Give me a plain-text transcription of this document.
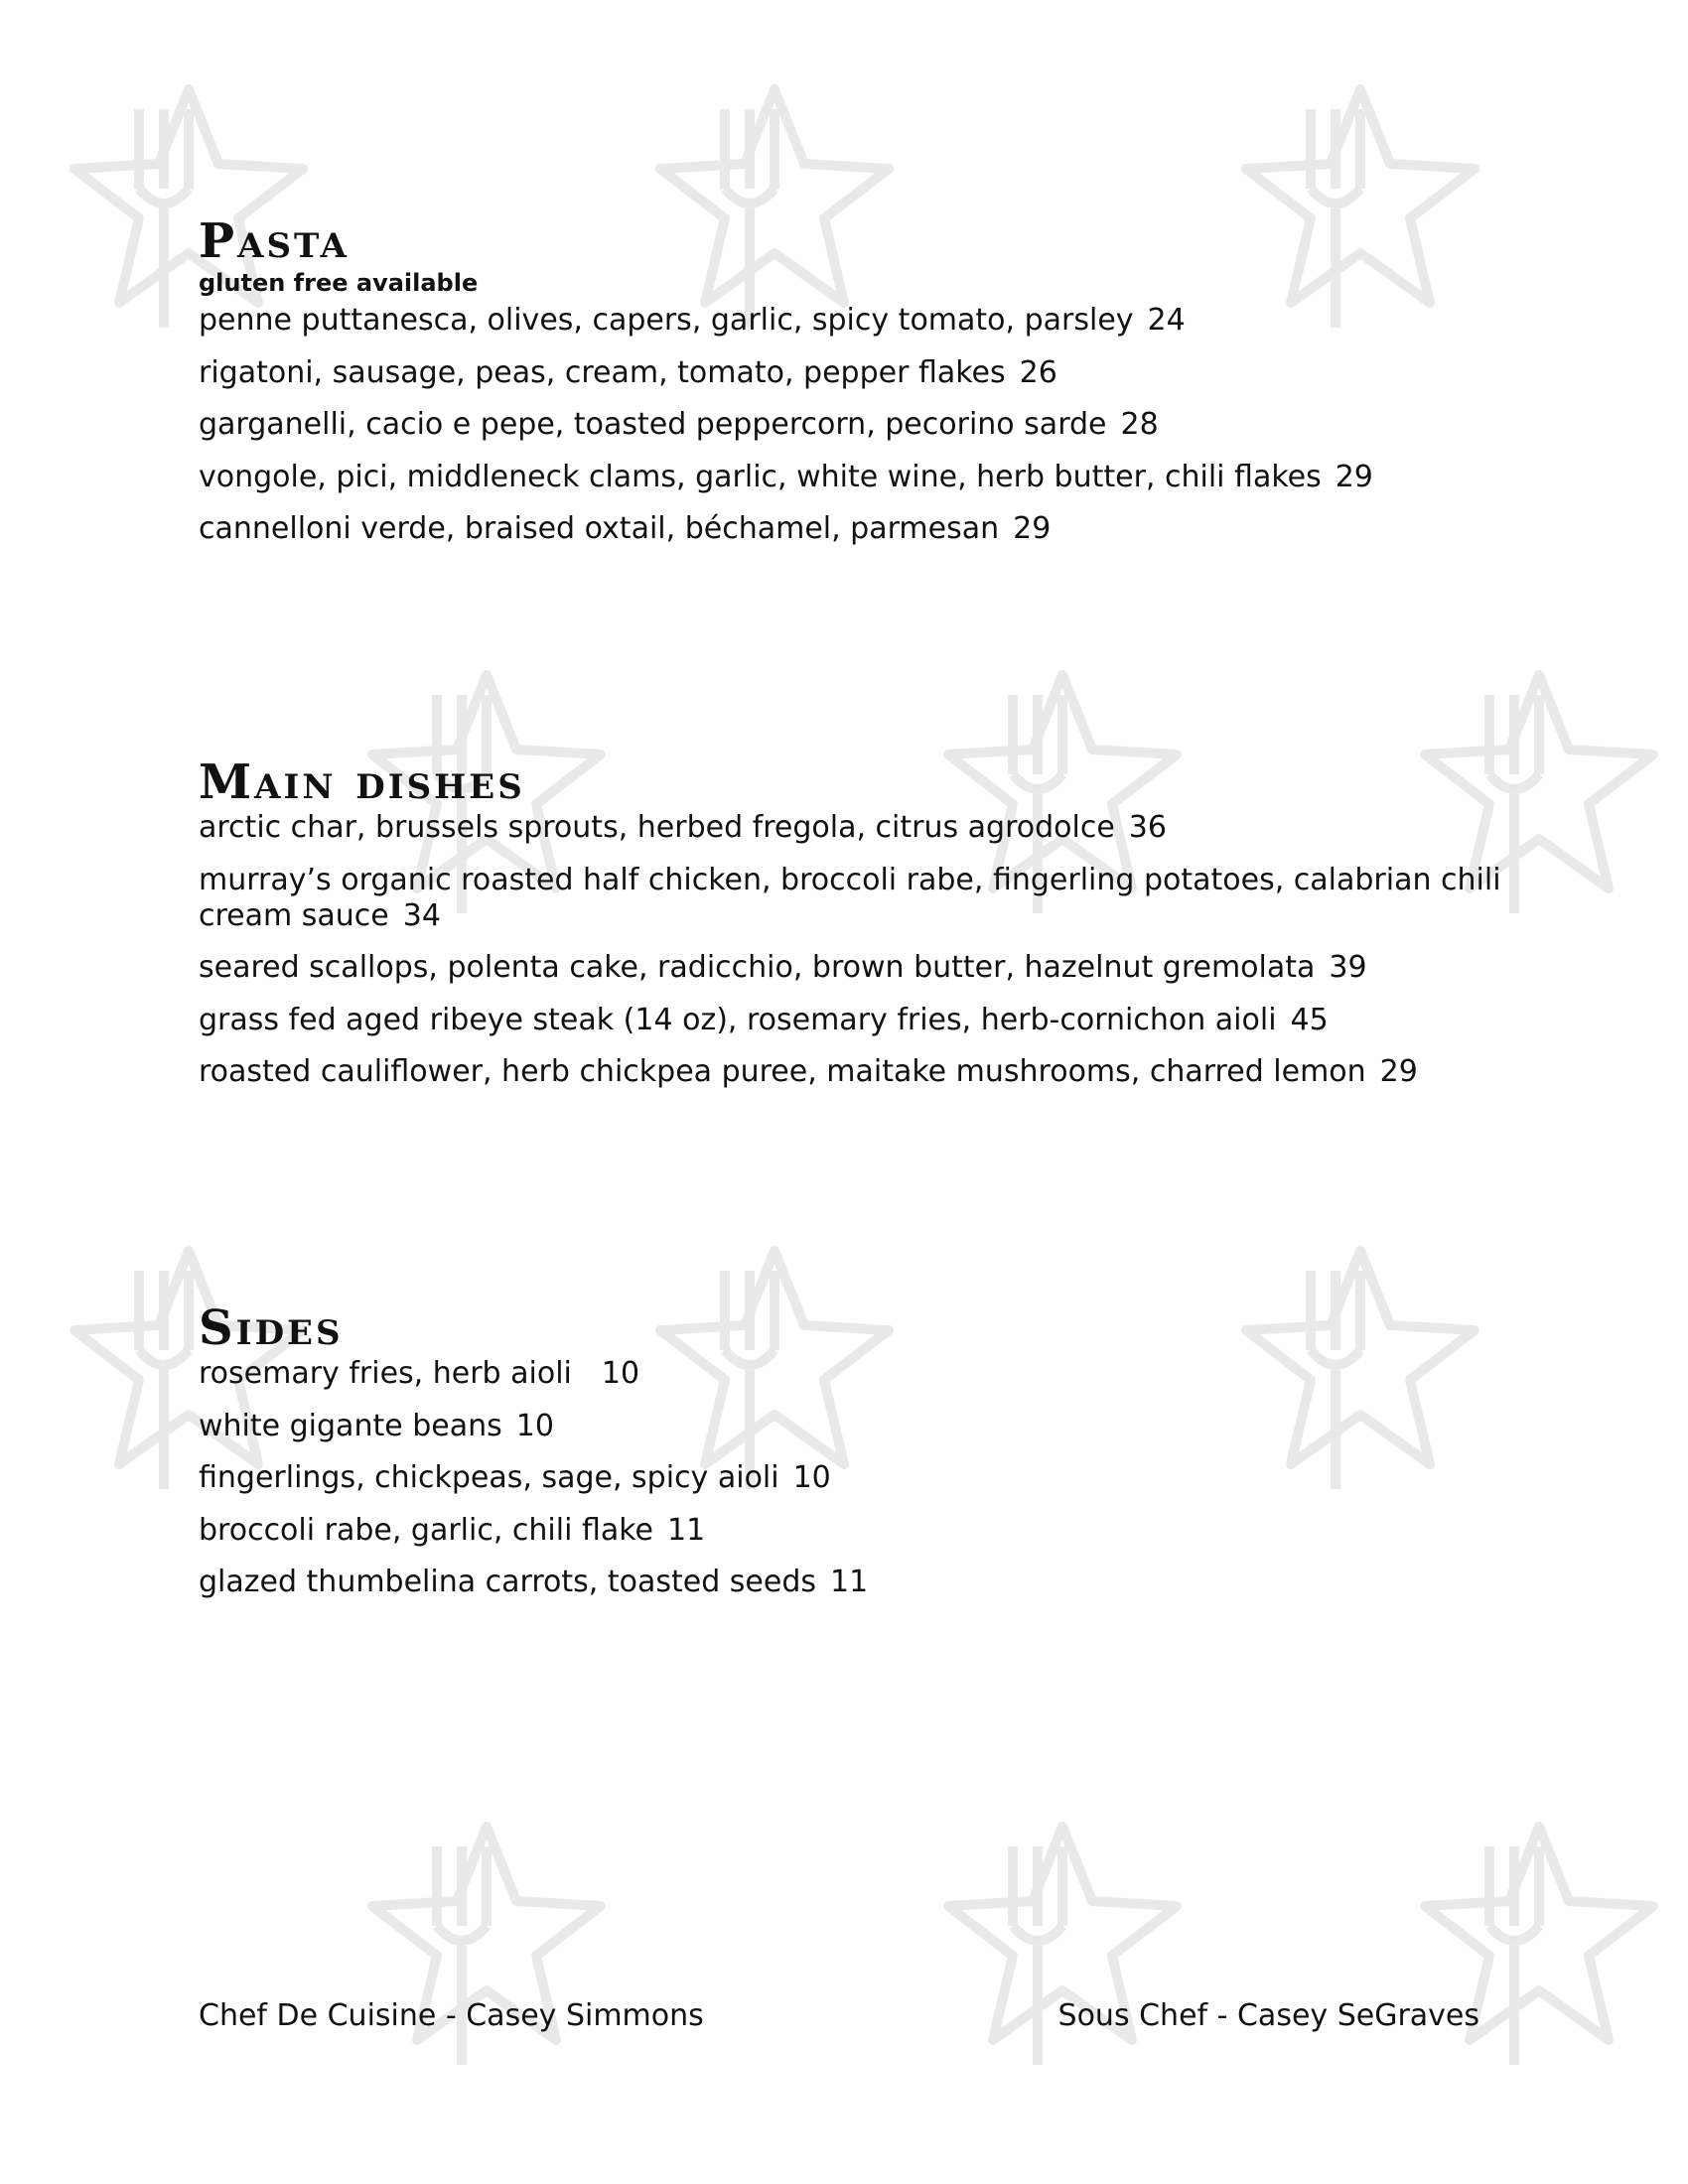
Pasta

gluten free available

penne puttanesca, olives, capers, garlic, spicy tomato, parsley 24
rigatoni, sausage, peas, cream, tomato, pepper flakes 26
garganelli, cacio e pepe, toasted peppercorn, pecorino sarde 28
vongole, pici, middleneck clams, garlic, white wine, herb butter, chili flakes 29
cannelloni verde, braised oxtail, béchamel, parmesan 29
Main dishes
arctic char, brussels sprouts, herbed fregola, citrus agrodolce 36
murray’s organic roasted half chicken, broccoli rabe, fingerling potatoes, calabrian chili cream sauce 34
seared scallops, polenta cake, radicchio, brown butter, hazelnut gremolata 39
grass fed aged ribeye steak (14 oz), rosemary fries, herb-cornichon aioli 45
roasted cauliflower, herb chickpea puree, maitake mushrooms, charred lemon 29
Sides
rosemary fries, herb aioli 10
white gigante beans 10
fingerlings, chickpeas, sage, spicy aioli 10
broccoli rabe, garlic, chili flake 11
glazed thumbelina carrots, toasted seeds 11
Chef De Cuisine - Casey Simmons	Sous Chef - Casey SeGraves
